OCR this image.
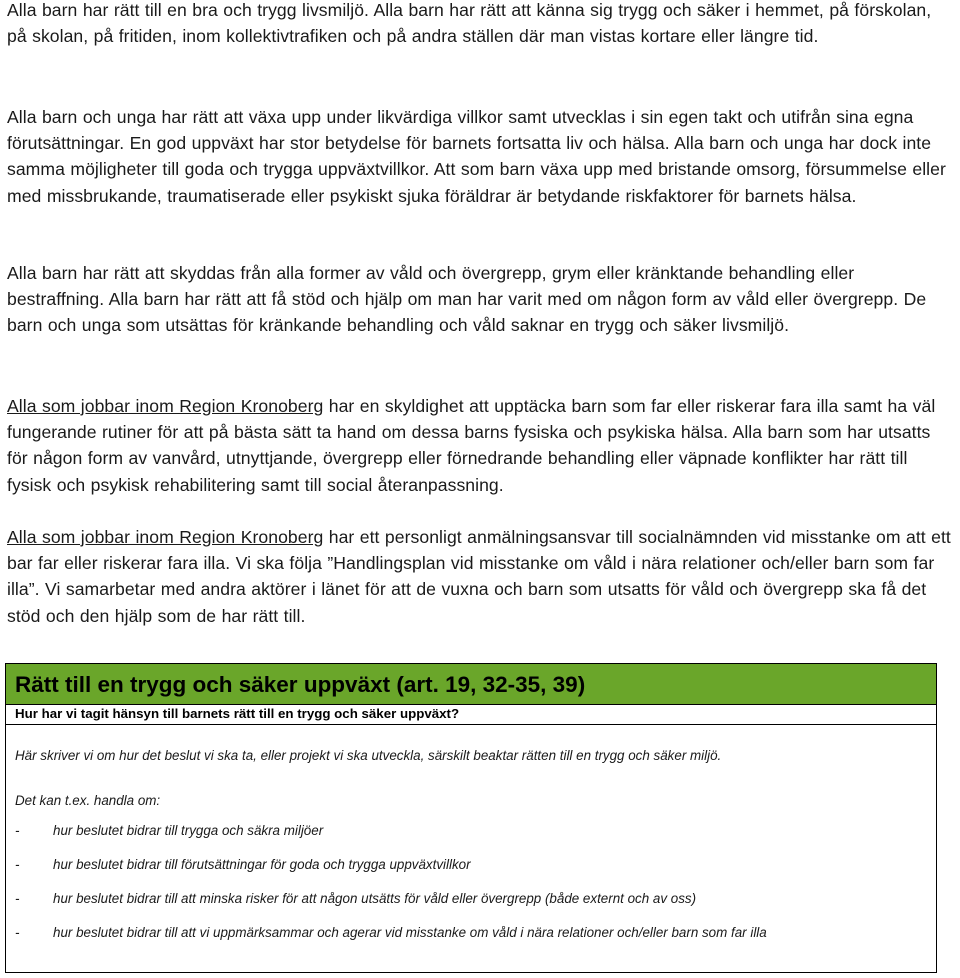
Alla barn har rätt till en bra och trygg livsmiljö. Alla barn har rätt att känna sig trygg och säker i hemmet, på förskolan, på skolan, på fritiden, inom kollektivtrafiken och på andra ställen där man vistas kortare eller längre tid.

Alla barn och unga har rätt att växa upp under likvärdiga villkor samt utvecklas i sin egen takt och utifrån sina egna förutsättningar. En god uppväxt har stor betydelse för barnets fortsatta liv och hälsa. Alla barn och unga har dock inte samma möjligheter till goda och trygga uppväxtvillkor. Att som barn växa upp med bristande omsorg, försummelse eller med missbrukande, traumatiserade eller psykiskt sjuka föräldrar är betydande riskfaktorer för barnets hälsa.

Alla barn har rätt att skyddas från alla former av våld och övergrepp, grym eller kränktande behandling eller bestraffning. Alla barn har rätt att få stöd och hjälp om man har varit med om någon form av våld eller övergrepp. De barn och unga som utsättas för kränkande behandling och våld saknar en trygg och säker livsmiljö.

Alla som jobbar inom Region Kronoberg har en skyldighet att upptäcka barn som far eller riskerar fara illa samt ha väl fungerande rutiner för att på bästa sätt ta hand om dessa barns fysiska och psykiska hälsa. Alla barn som har utsatts för någon form av vanvård, utnyttjande, övergrepp eller förnedrande behandling eller väpnade konflikter har rätt till fysisk och psykisk rehabilitering samt till social återanpassning.

Alla som jobbar inom Region Kronoberg har ett personligt anmälningsansvar till socialnämnden vid misstanke om att ett bar far eller riskerar fara illa. Vi ska följa ”Handlingsplan vid misstanke om våld i nära relationer och/eller barn som far illa”. Vi samarbetar med andra aktörer i länet för att de vuxna och barn som utsatts för våld och övergrepp ska få det stöd och den hjälp som de har rätt till.

Rätt till en trygg och säker uppväxt (art. 19, 32-35, 39)
Hur har vi tagit hänsyn till barnets rätt till en trygg och säker uppväxt?
Här skriver vi om hur det beslut vi ska ta, eller projekt vi ska utveckla, särskilt beaktar rätten till en trygg och säker miljö.
Det kan t.ex. handla om:
-	hur beslutet bidrar till trygga och säkra miljöer
-	hur beslutet bidrar till förutsättningar för goda och trygga uppväxtvillkor
-	hur beslutet bidrar till att minska risker för att någon utsätts för våld eller övergrepp (både externt och av oss)
-	hur beslutet bidrar till att vi uppmärksammar och agerar vid misstanke om våld i nära relationer och/eller barn som far illa
